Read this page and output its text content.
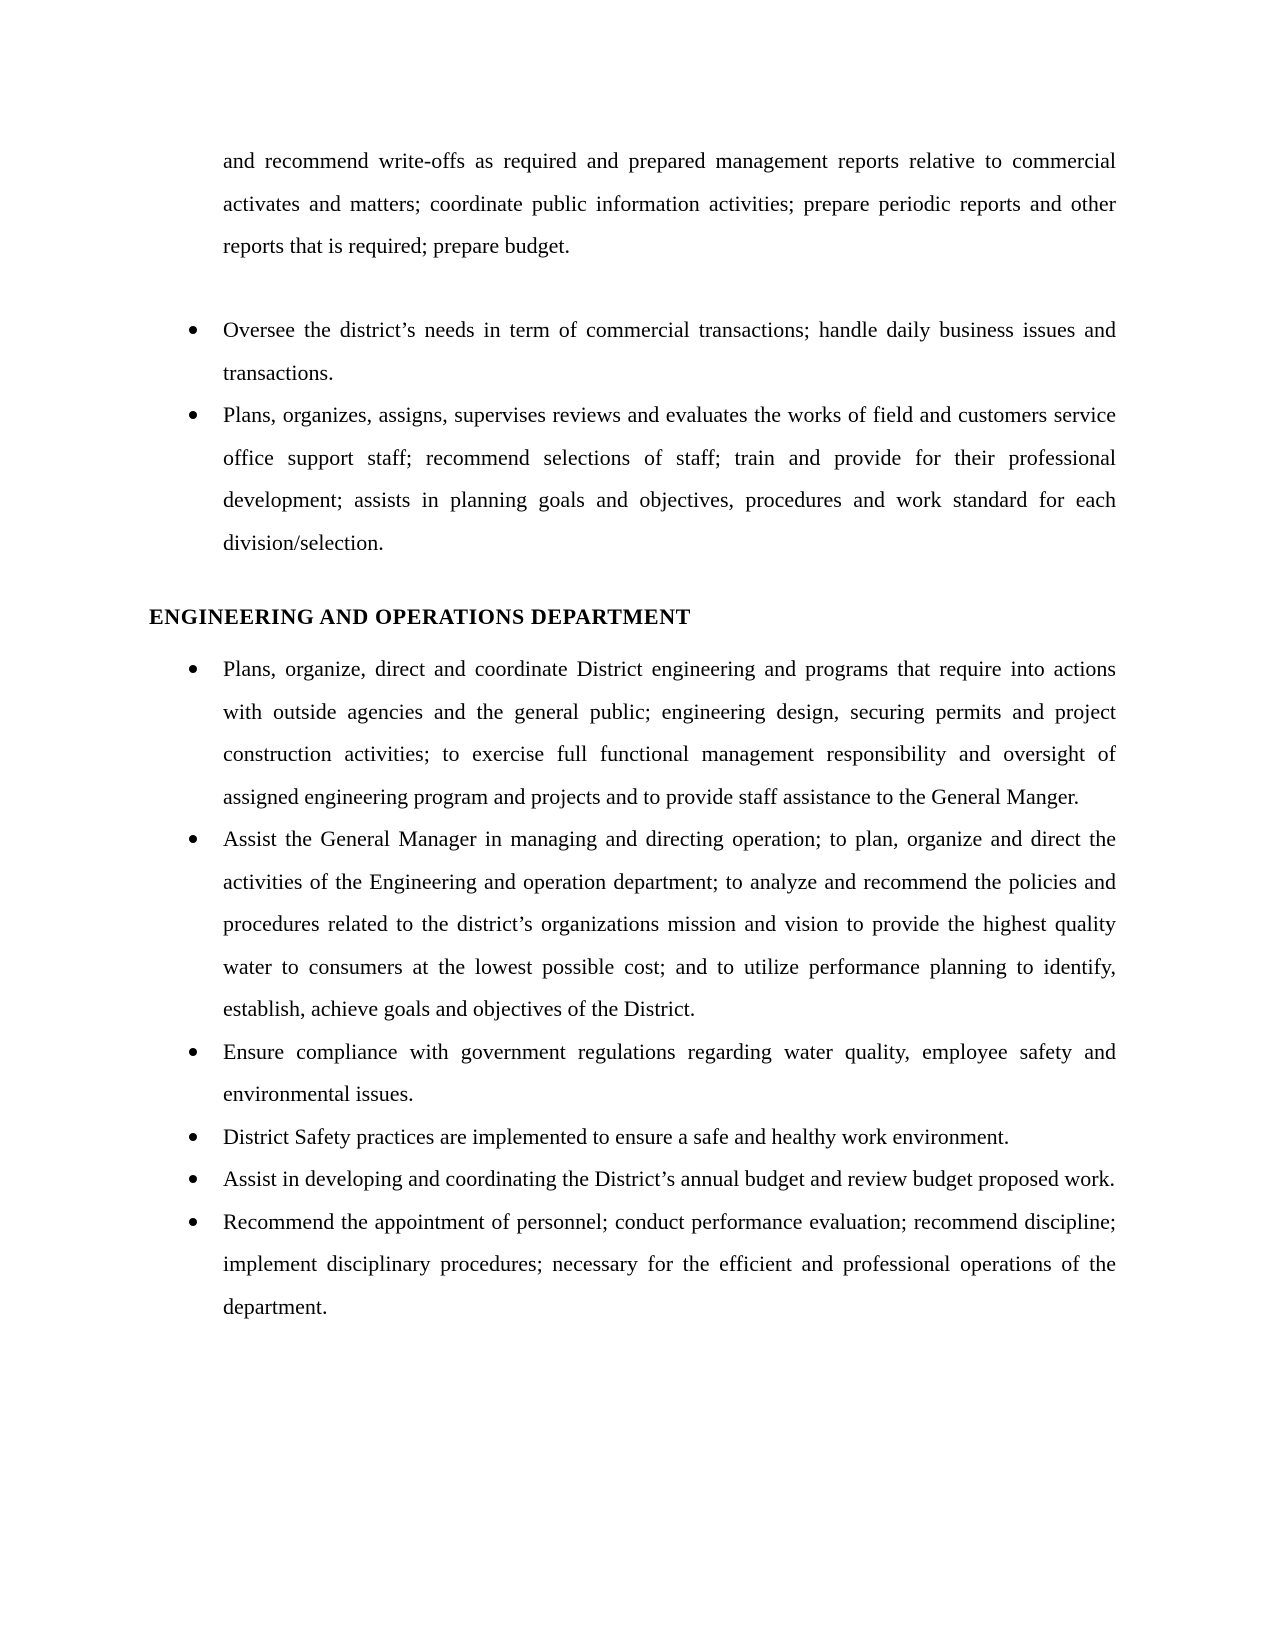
and recommend write-offs as required and prepared management reports relative to commercial activates and matters; coordinate public information activities; prepare periodic reports and other reports that is required; prepare budget.

Oversee the district’s needs in term of commercial transactions; handle daily business issues and transactions.
Plans, organizes, assigns, supervises reviews and evaluates the works of field and customers service office support staff; recommend selections of staff; train and provide for their professional development; assists in planning goals and objectives, procedures and work standard for each division/selection.
ENGINEERING AND OPERATIONS DEPARTMENT
Plans, organize, direct and coordinate District engineering and programs that require into actions with outside agencies and the general public; engineering design, securing permits and project construction activities; to exercise full functional management responsibility and oversight of assigned engineering program and projects and to provide staff assistance to the General Manger.
Assist the General Manager in managing and directing operation; to plan, organize and direct the activities of the Engineering and operation department; to analyze and recommend the policies and procedures related to the district’s organizations mission and vision to provide the highest quality water to consumers at the lowest possible cost; and to utilize performance planning to identify, establish, achieve goals and objectives of the District.
Ensure compliance with government regulations regarding water quality, employee safety and environmental issues.
District Safety practices are implemented to ensure a safe and healthy work environment.
Assist in developing and coordinating the District’s annual budget and review budget proposed work.
Recommend the appointment of personnel; conduct performance evaluation; recommend discipline; implement disciplinary procedures; necessary for the efficient and professional operations of the department.
